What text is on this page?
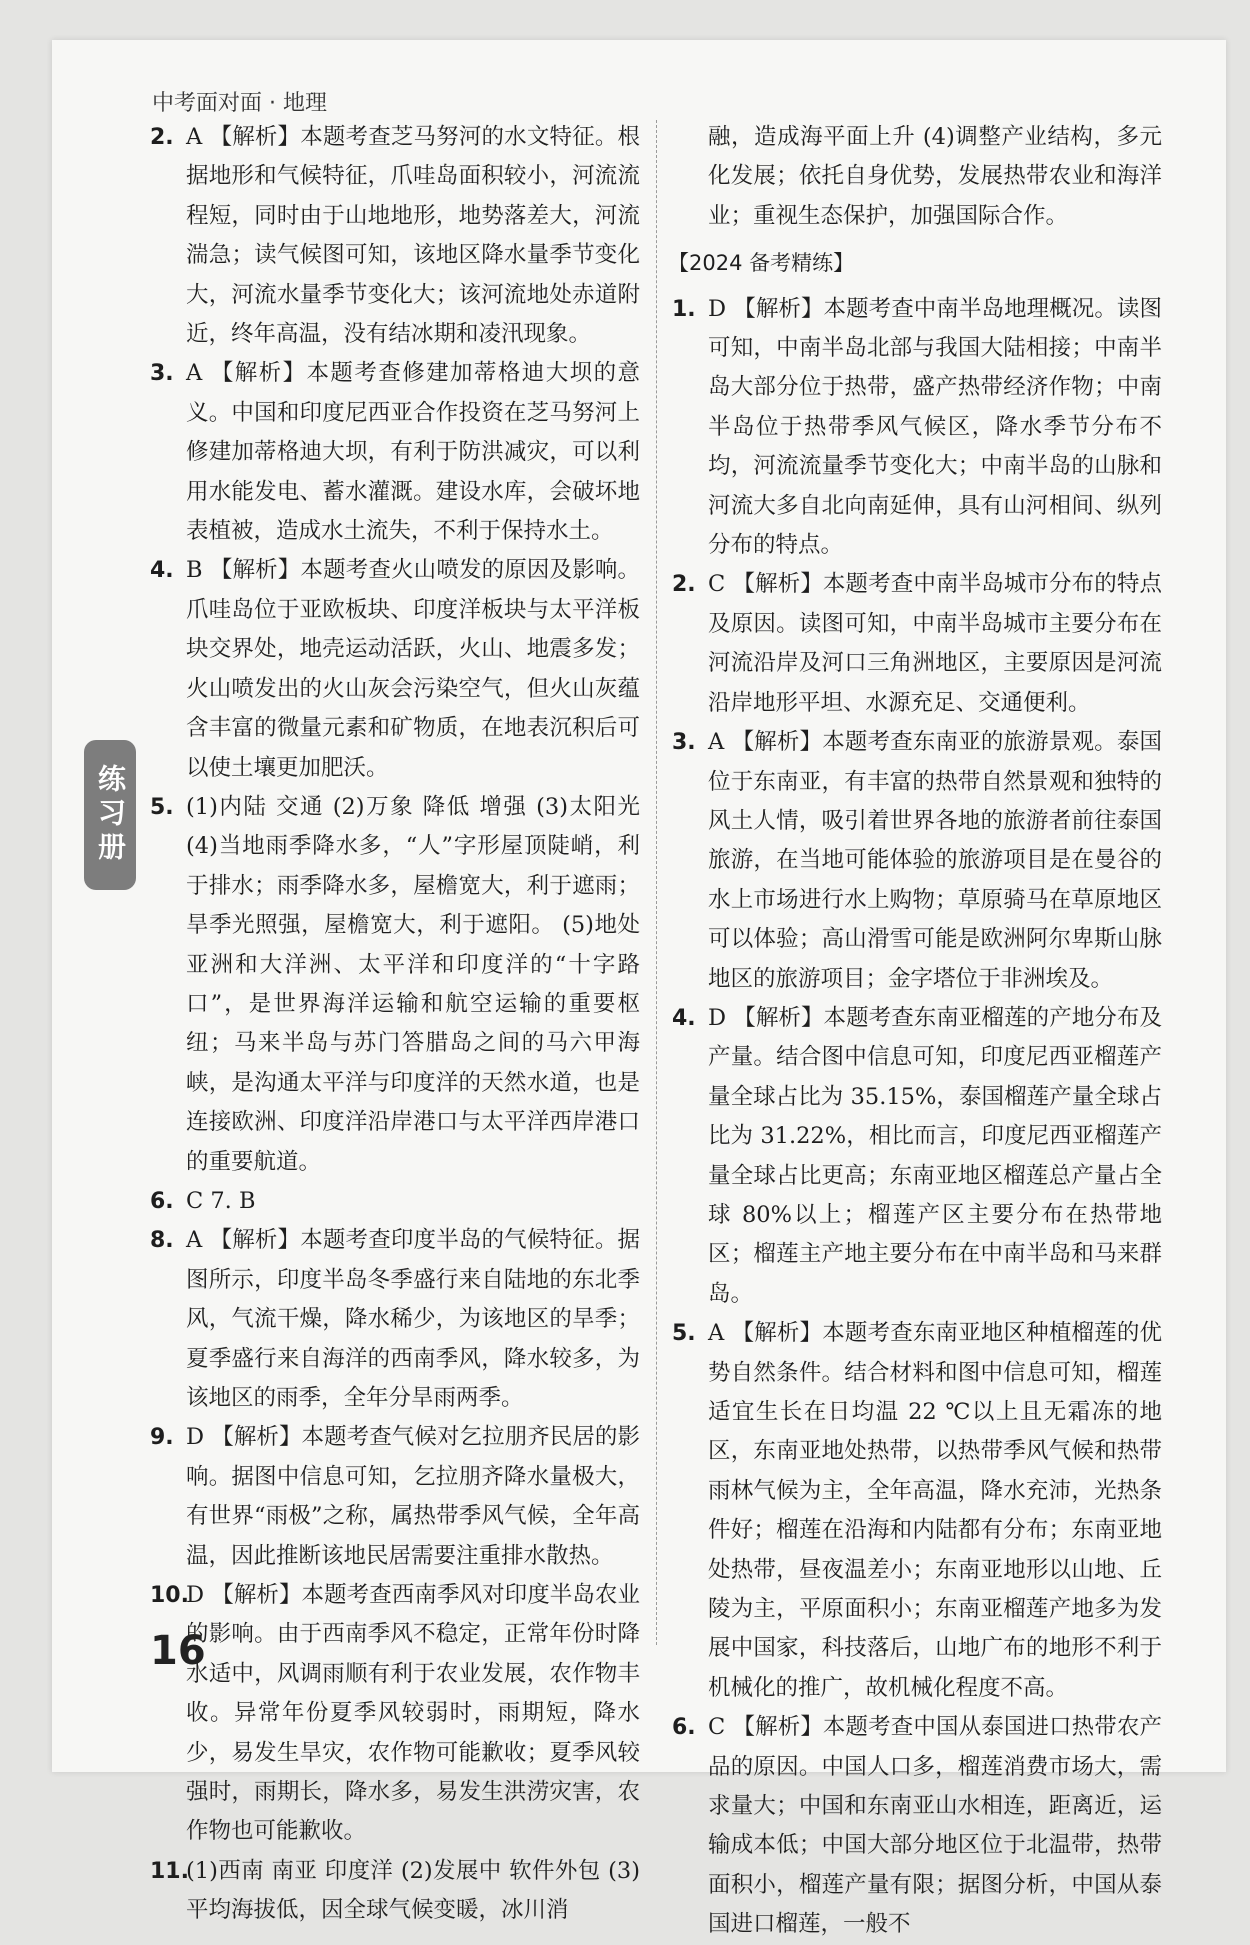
中考面对面 · 地理
练习册
2. A 【解析】本题考查芝马努河的水文特征。根据地形和气候特征，爪哇岛面积较小，河流流程短，同时由于山地地形，地势落差大，河流湍急；读气候图可知，该地区降水量季节变化大，河流水量季节变化大；该河流地处赤道附近，终年高温，没有结冰期和凌汛现象。
3. A 【解析】本题考查修建加蒂格迪大坝的意义。中国和印度尼西亚合作投资在芝马努河上修建加蒂格迪大坝，有利于防洪减灾，可以利用水能发电、蓄水灌溉。建设水库，会破坏地表植被，造成水土流失，不利于保持水土。
4. B 【解析】本题考查火山喷发的原因及影响。爪哇岛位于亚欧板块、印度洋板块与太平洋板块交界处，地壳运动活跃，火山、地震多发；火山喷发出的火山灰会污染空气，但火山灰蕴含丰富的微量元素和矿物质，在地表沉积后可以使土壤更加肥沃。
5. (1)内陆 交通 (2)万象 降低 增强 (3)太阳光 (4)当地雨季降水多，“人”字形屋顶陡峭，利于排水；雨季降水多，屋檐宽大，利于遮雨；旱季光照强，屋檐宽大，利于遮阳。 (5)地处亚洲和大洋洲、太平洋和印度洋的“十字路口”，是世界海洋运输和航空运输的重要枢纽；马来半岛与苏门答腊岛之间的马六甲海峡，是沟通太平洋与印度洋的天然水道，也是连接欧洲、印度洋沿岸港口与太平洋西岸港口的重要航道。
6. C 7. B
8. A 【解析】本题考查印度半岛的气候特征。据图所示，印度半岛冬季盛行来自陆地的东北季风，气流干燥，降水稀少，为该地区的旱季；夏季盛行来自海洋的西南季风，降水较多，为该地区的雨季，全年分旱雨两季。
9. D 【解析】本题考查气候对乞拉朋齐民居的影响。据图中信息可知，乞拉朋齐降水量极大，有世界“雨极”之称，属热带季风气候，全年高温，因此推断该地民居需要注重排水散热。
10.
D 【解析】本题考查西南季风对印度半岛农业的影响。由于西南季风不稳定，正常年份时降水适中，风调雨顺有利于农业发展，农作物丰收。异常年份夏季风较弱时，雨期短，降水少，易发生旱灾，农作物可能歉收；夏季风较强时，雨期长，降水多，易发生洪涝灾害，农作物也可能歉收。
11.
(1)西南 南亚 印度洋 (2)发展中 软件外包 (3)平均海拔低，因全球气候变暖，冰川消
融，造成海平面上升 (4)调整产业结构，多元化发展；依托自身优势，发展热带农业和海洋业；重视生态保护，加强国际合作。
【2024 备考精练】
1. D 【解析】本题考查中南半岛地理概况。读图可知，中南半岛北部与我国大陆相接；中南半岛大部分位于热带，盛产热带经济作物；中南半岛位于热带季风气候区，降水季节分布不均，河流流量季节变化大；中南半岛的山脉和河流大多自北向南延伸，具有山河相间、纵列分布的特点。
2. C 【解析】本题考查中南半岛城市分布的特点及原因。读图可知，中南半岛城市主要分布在河流沿岸及河口三角洲地区，主要原因是河流沿岸地形平坦、水源充足、交通便利。
3. A 【解析】本题考查东南亚的旅游景观。泰国位于东南亚，有丰富的热带自然景观和独特的风土人情，吸引着世界各地的旅游者前往泰国旅游，在当地可能体验的旅游项目是在曼谷的水上市场进行水上购物；草原骑马在草原地区可以体验；高山滑雪可能是欧洲阿尔卑斯山脉地区的旅游项目；金字塔位于非洲埃及。
4. D 【解析】本题考查东南亚榴莲的产地分布及产量。结合图中信息可知，印度尼西亚榴莲产量全球占比为 35.15%，泰国榴莲产量全球占比为 31.22%，相比而言，印度尼西亚榴莲产量全球占比更高；东南亚地区榴莲总产量占全球 80%以上；榴莲产区主要分布在热带地区；榴莲主产地主要分布在中南半岛和马来群岛。
5. A 【解析】本题考查东南亚地区种植榴莲的优势自然条件。结合材料和图中信息可知，榴莲适宜生长在日均温 22 ℃以上且无霜冻的地区，东南亚地处热带，以热带季风气候和热带雨林气候为主，全年高温，降水充沛，光热条件好；榴莲在沿海和内陆都有分布；东南亚地处热带，昼夜温差小；东南亚地形以山地、丘陵为主，平原面积小；东南亚榴莲产地多为发展中国家，科技落后，山地广布的地形不利于机械化的推广，故机械化程度不高。
6. C 【解析】本题考查中国从泰国进口热带农产品的原因。中国人口多，榴莲消费市场大，需求量大；中国和东南亚山水相连，距离近，运输成本低；中国大部分地区位于北温带，热带面积小，榴莲产量有限；据图分析，中国从泰国进口榴莲，一般不
16
